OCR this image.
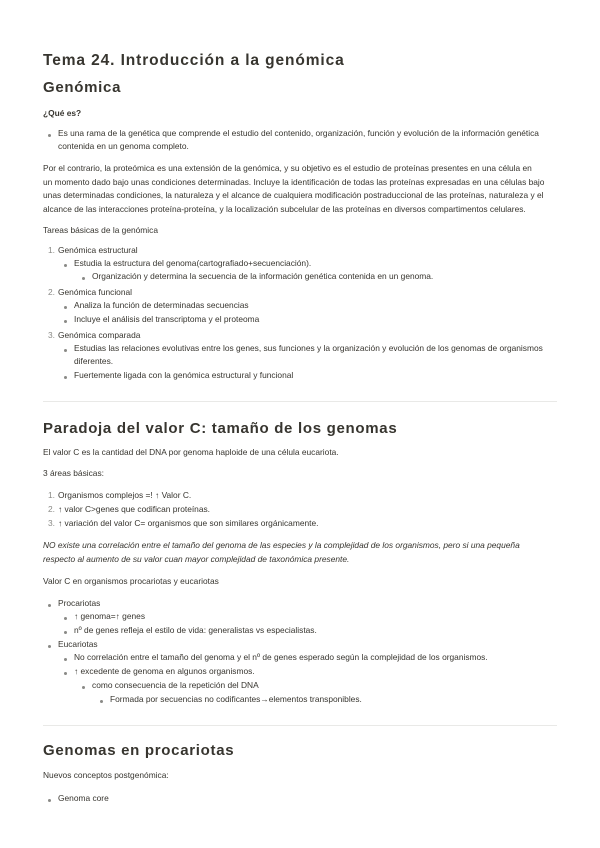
Tema 24. Introducción a la genómica
Genómica

¿Qué es?

Es una rama de la genética que comprende el estudio del contenido, organización, función y evolución de la información genética

contenida en un genoma completo.

Por el contrario, la proteómica es una extensión de la genómica, y su objetivo es el estudio de proteínas presentes en una célula en

un momento dado bajo unas condiciones determinadas. Incluye la identificación de todas las proteínas expresadas en una células bajo

unas determinadas condiciones, la naturaleza y el alcance de cualquiera modificación postraduccional de las proteínas, naturaleza y el

alcance de las interacciones proteína-proteína, y la localización subcelular de las proteínas en diversos compartimentos celulares.

Tareas básicas de la genómica

1. Genómica estructural

Estudia la estructura del genoma(cartografiado+secuenciación).

Organización y determina la secuencia de la información genética contenida en un genoma.

2. Genómica funcional

Analiza la función de determinadas secuencias

Incluye el análisis del transcriptoma y el proteoma

3. Genómica comparada

Estudias las relaciones evolutivas entre los genes, sus funciones y la organización y evolución de los genomas de organismos

diferentes.

Fuertemente ligada con la genómica estructural y funcional

Paradoja del valor C: tamaño de los genomas

El valor C es la cantidad del DNA por genoma haploide de una célula eucariota.

3 áreas básicas:

1. Organismos complejos =! ↑ Valor C.

2. ↑ valor C>genes que codifican proteínas.

3. ↑ variación del valor C= organismos que son similares orgánicamente.

NO existe una correlación entre el tamaño del genoma de las especies y la complejidad de los organismos, pero si una pequeña

respecto al aumento de su valor cuan mayor complejidad de taxonómica presente.

Valor C en organismos procariotas y eucariotas

Procariotas

↑ genoma=↑ genes

nº de genes refleja el estilo de vida: generalistas vs especialistas.

Eucariotas

No correlación entre el tamaño del genoma y el nº de genes esperado según la complejidad de los organismos.

↑ excedente de genoma en algunos organismos.

como consecuencia de la repetición del DNA

Formada por secuencias no codificantes→elementos transponibles.

Genomas en procariotas

Nuevos conceptos postgenómica:

Genoma core
